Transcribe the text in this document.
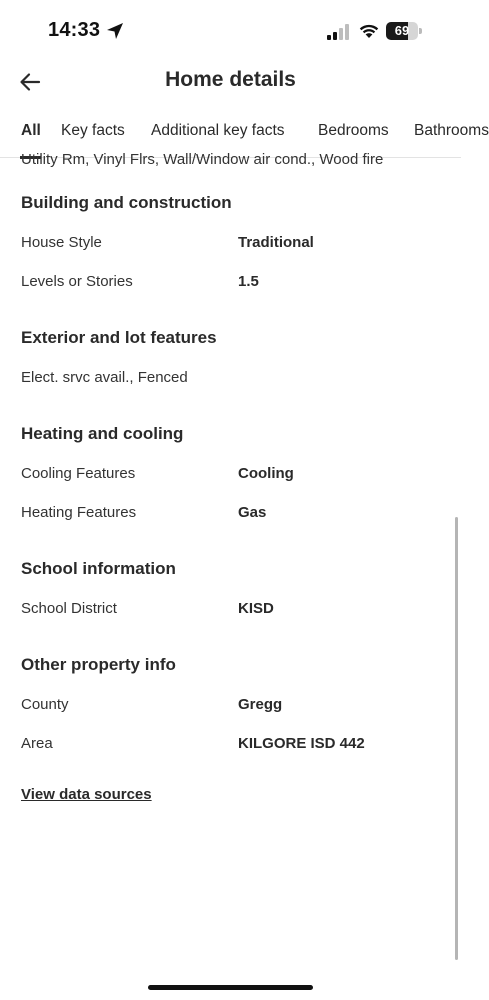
14:33	69
Home details
All Key facts Additional key facts Bedrooms Bathrooms
Utility Rm, Vinyl Flrs, Wall/Window air cond., Wood fire
Building and construction
House Style	Traditional
Levels or Stories	1.5
Exterior and lot features
Elect. srvc avail., Fenced
Heating and cooling
Cooling Features	Cooling
Heating Features	Gas
School information
School District	KISD
Other property info
County	Gregg
Area	KILGORE ISD 442
View data sources
